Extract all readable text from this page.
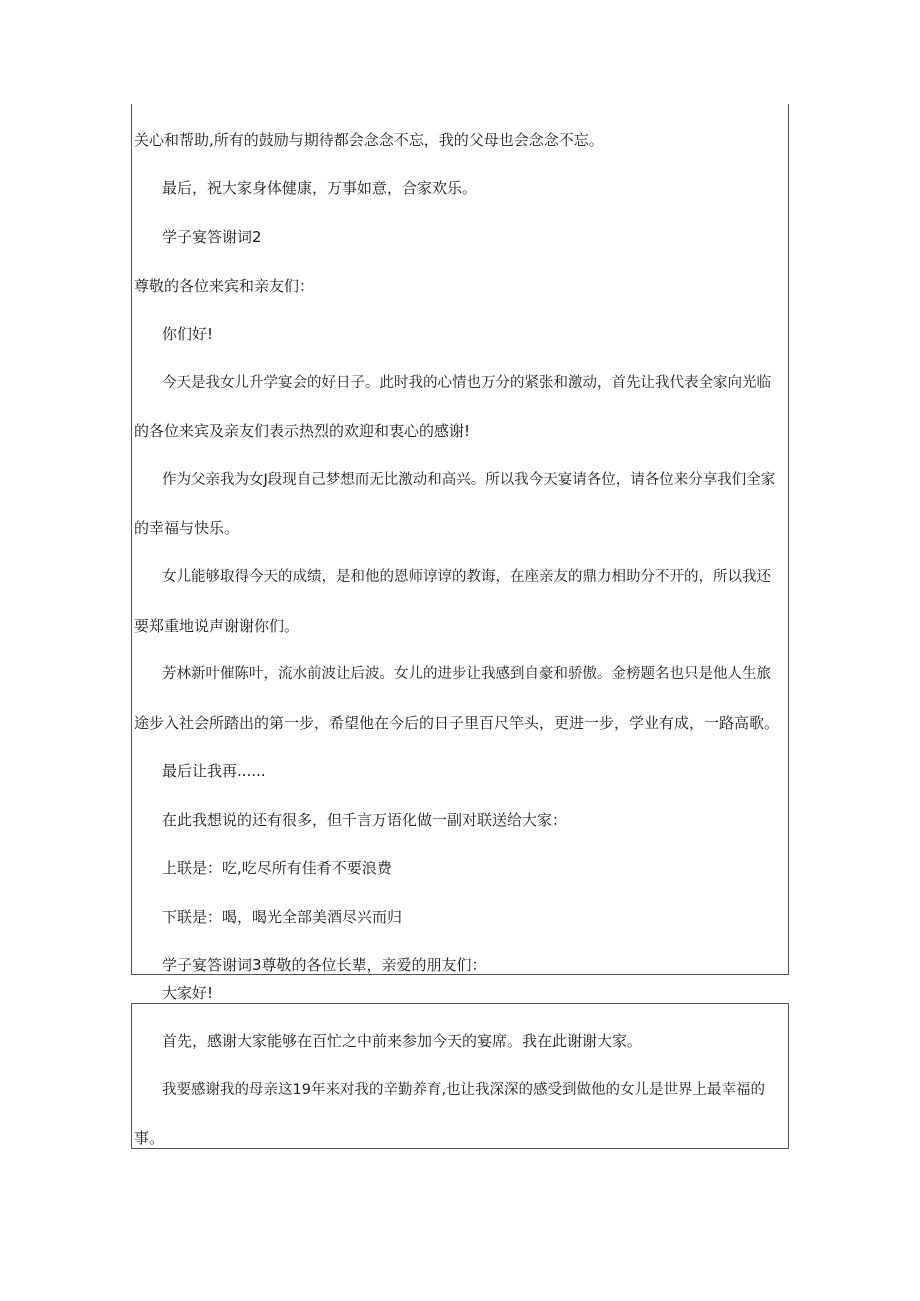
关心和帮助,所有的鼓励与期待都会念念不忘，我的父母也会念念不忘。

最后，祝大家身体健康，万事如意，合家欢乐。

学子宴答谢词2

尊敬的各位来宾和亲友们：

你们好!

今天是我女儿升学宴会的好日子。此时我的心情也万分的紧张和激动，首先让我代表全家向光临

的各位来宾及亲友们表示热烈的欢迎和衷心的感谢!

作为父亲我为女J段现自己梦想而无比激动和高兴。所以我今天宴请各位，请各位来分享我们全家

的幸福与快乐。

女儿能够取得今天的成绩，是和他的恩师谆谆的教诲，在座亲友的鼎力相助分不开的，所以我还

要郑重地说声谢谢你们。

芳林新叶催陈叶，流水前波让后波。女儿的进步让我感到自豪和骄傲。金榜题名也只是他人生旅

途步入社会所踏出的第一步，希望他在今后的日子里百尺竿头，更进一步，学业有成，一路高歌。

最后让我再......

在此我想说的还有很多，但千言万语化做一副对联送给大家：

上联是：吃,吃尽所有佳肴不要浪费

下联是：喝，喝光全部美酒尽兴而归

学子宴答谢词3尊敬的各位长辈，亲爱的朋友们：

大家好!

首先，感谢大家能够在百忙之中前来参加今天的宴席。我在此谢谢大家。

我要感谢我的母亲这19年来对我的辛勤养育,也让我深深的感受到做他的女儿是世界上最幸福的

事。
